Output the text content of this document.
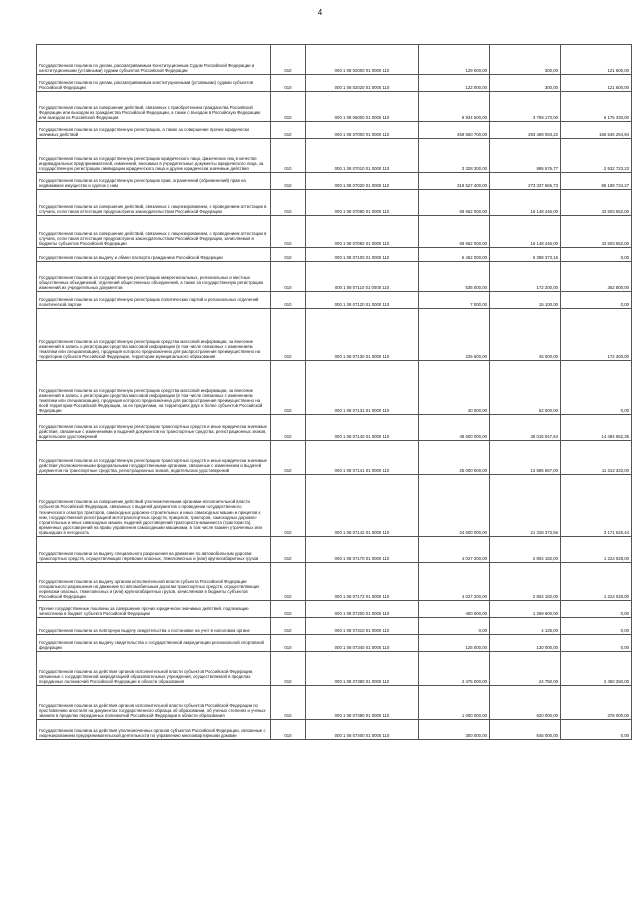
4
Государственная пошлина по делам, рассматриваемым Конституционным Судом Российской Федерации и конституционными (уставными) судами субъектов Российской Федерации	010	000 1 08 02000 01 0000 110	129 000,00	300,00	121 600,00
Государственная пошлина по делам, рассматриваемым конституционными (уставными) судами субъектов Российской Федерации	010	000 1 08 02020 01 0000 110	122 000,00	300,00	121 600,00
Государственная пошлина за совершение действий, связанных с приобретением гражданства Российской Федерации или выходом из гражданства Российской Федерации, а также с въездом в Российскую Федерацию или выездом из Российской Федерации	010	000 1 08 06000 01 0000 110	9 934 500,00	3 759 170,00	6 175 330,00
Государственная пошлина за государственную регистрацию, а также за совершение прочих юридически значимых действий	010	000 1 08 07000 01 0000 110	459 550 700,00	293 469 093,22	165 546 254,94
Государственная пошлина за государственную регистрацию юридического лица, физических лиц в качестве индивидуальных предпринимателей, изменений, вносимых в учредительные документы юридического лица, за государственную регистрацию ликвидации юридического лица и другие юридически значимые действия	010	000 1 08 07010 01 0000 110	3 328 300,00	995 576,77	2 532 723,23
Государственная пошлина за государственную регистрацию прав, ограничений (обременений) прав на недвижимое имущество и сделок с ним	010	000 1 08 07020 01 0000 110	319 527 400,00	273 337 665,73	86 189 734,27
Государственная пошлина за совершение действий, связанных с лицензированием, с проведением аттестации в случаях, если такая аттестация предусмотрена законодательством Российской Федерации	010	000 1 08 07080 01 0000 110	59 652 000,00	16 148 446,00	43 503 552,00
Государственная пошлина за совершение действий, связанных с лицензированием, с проведением аттестации в случаях, если такая аттестация предусмотрена законодательством Российской Федерации, зачисляемая в бюджеты субъектов Российской Федерации	010	000 1 08 07082 01 0000 110	59 652 000,00	16 148 446,00	43 503 552,00
Государственная пошлина за выдачу и обмен паспорта гражданина Российской Федерации	010	000 1 08 07100 01 0000 110	6 452 000,00	6 398 373,16	0,00
Государственная пошлина за государственную регистрацию межрегиональных, региональных и местных общественных объединений, отделений общественных объединений, а также за государственную регистрацию изменений их учредительных документов	010	000 1 08 07110 01 0000 110	535 000,00	172 200,00	362 800,00
Государственная пошлина за государственную регистрацию политических партий и региональных отделений политической партии	010	000 1 08 07120 01 0000 110	7 000,00	15 100,00	0,00
Государственная пошлина за государственную регистрацию средства массовой информации, за внесение изменений в запись о регистрации средства массовой информации (в том числе связанных с изменением тематики или специализации), продукция которого предназначена для распространения преимущественно на территории субъекта Российской Федерации, территории муниципального образования	010	000 1 08 07130 01 0000 110	225 600,00	45 000,00	172 300,00
Государственная пошлина за государственную регистрацию средства массовой информации, за внесение изменений в запись о регистрации средства массовой информации (в том числе связанных с изменением тематики или специализации), продукция которого предназначена для распространения преимущественно на всей территории Российской Федерации, за ее пределами, на территориях двух и более субъектов Российской Федерации	010	000 1 08 07131 01 0000 110	40 000,00	52 000,00	0,00
Государственная пошлина за государственную регистрацию транспортных средств и иные юридически значимые действия, связанные с изменениями и выдачей документов на транспортные средства, регистрационных знаков, водительских удостоверений	010	000 1 08 07140 01 0000 110	49 500 000,00	35 015 047,64	14 484 952,36
Государственная пошлина за государственную регистрацию транспортных средств и иные юридически значимые действия уполномоченными федеральными государственными органами, связанные с изменением и выдачей документов на транспортные средства, регистрационных знаков, водительских удостоверений	010	000 1 08 07141 01 0000 110	25 000 000,00	13 586 667,00	11 313 333,00
Государственная пошлина за совершение действий уполномоченными органами исполнительной власти субъектов Российской Федерации, связанных с выдачей документов о проведении государственного технического осмотра тракторов, самоходных дорожно-строительных и иных самоходных машин и прицепов к ним, государственной регистрацией мототранспортных средств, прицепов, тракторов, самоходных дорожно-строительных и иных самоходных машин, выдачей удостоверений тракториста-машиниста (тракториста), временных удостоверений на право управления самоходными машинами, в том числе взамен утраченных или пришедших в негодность	010	000 1 08 07142 01 0000 110	24 500 000,00	21 328 373,56	3 171 626,44
Государственная пошлина за выдачу специального разрешения на движение по автомобильным дорогам транспортных средств, осуществляющих перевозки опасных, тяжеловесных и (или) крупногабаритных грузов	010	000 1 08 07170 01 0000 110	4 027 200,00	2 804 182,00	1 223 028,00
Государственная пошлина за выдачу органом исполнительной власти субъекта Российской Федерации специального разрешения на движение по автомобильным дорогам транспортных средств, осуществляющих перевозки опасных, тяжеловесных и (или) крупногабаритных грузов, зачисляемая в бюджеты субъектов Российской Федерации	010	000 1 08 07172 01 0000 110	4 027 200,00	2 804 182,00	1 223 028,00
Прочие государственные пошлины за совершение прочих юридически значимых действий, подлежащие зачислению в бюджет субъекта Российской Федерации	010	000 1 08 07200 01 0000 110	400 000,00	1 269 600,00	0,00
Государственная пошлина за повторную выдачу свидетельства о постановке на учет в налоговом органе	010	000 1 08 07310 01 0000 110	0,00	4 125,00	0,00
Государственная пошлина за выдачу свидетельства о государственной аккредитации региональной спортивной федерации	010	000 1 08 07340 01 0000 110	125 000,00	130 000,00	0,00
Государственная пошлина за действия органов исполнительной власти субъектов Российской Федерации, связанные с государственной аккредитацией образовательных учреждений, осуществляемой в пределах переданных полномочий Российской Федерации в области образования	010	000 1 08 07380 01 0000 110	2 475 000,00	24 750,00	2 450 250,00
Государственная пошлина за действия органов исполнительной власти субъектов Российской Федерации по проставлению апостиля на документах государственного образца об образовании, об ученых степенях и ученых званиях в пределах переданных полномочий Российской Федерации в области образования	010	000 1 08 07390 01 0000 110	1 000 000,00	620 000,00	378 000,00
Государственная пошлина за действия уполномоченных органов субъектов Российской Федерации, связанные с лицензированием предпринимательской деятельности по управлению многоквартирными домами	010	000 1 08 07400 01 0000 110	300 000,00	645 000,00	0,00
